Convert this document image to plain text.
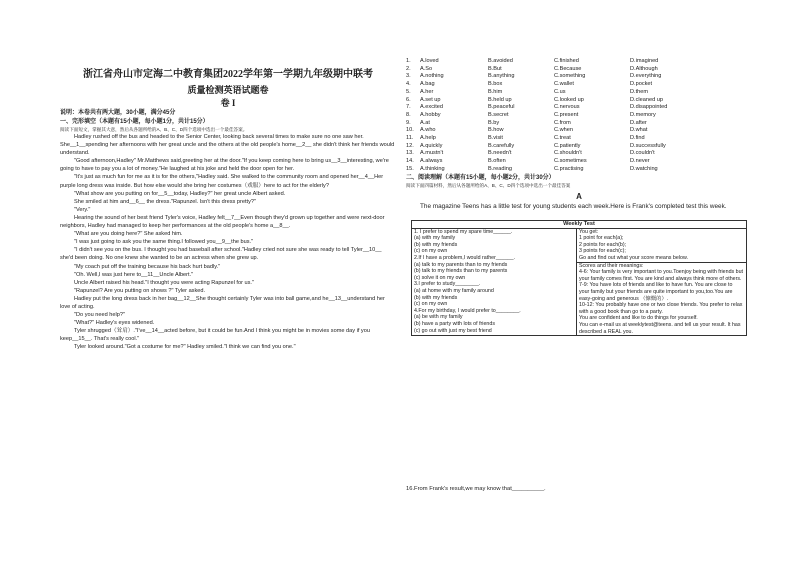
浙江省舟山市定海二中教育集团2022学年第一学期九年级期中联考
质量检测英语试题卷
卷 I
说明：本卷共有两大题，30小题，满分45分
一、完形填空（本题有15小题，每小题1分，共计15分）
阅读下面短文，掌握其大意，然后从各题所给的A、B、C、D四个选项中选出一个最佳答案。

Hadley rushed off the bus and headed to the Senior Center, looking back several times to make sure no one saw her. She__1__spending her afternoons with her great uncle and the others at the old people's home__2__ she didn't think her friends would understand.

"Good afternoon,Hadley" Mr.Matthews said,greeting her at the door."If you keep coming here to bring us__3__interesting, we're going to have to pay you a lot of money."He laughed at his joke and held the door open for her.

"It's just as much fun for me as it is for the others,"Hadley said. She walked to the community room and opened her__4__Her purple long dress was inside. But how else would she bring her costumes（戏服）here to act for the elderly?

"What show are you putting on for__5__today, Hadley?" her great uncle Albert asked.

She smiled at him and__6__ the dress."Rapunzel. Isn't this dress pretty?"

"Very."

Hearing the sound of her best friend Tyler's voice, Hadley felt__7__Even though they'd grown up together and were next-door neighbors, Hadley had managed to keep her performances at the old people's home a__8__.

"What are you doing here?" She asked him.

"I was just going to ask you the same thing.I followed you__9__the bus."

"I didn't see you on the bus. I thought you had baseball after school."Hadley cried not sure she was ready to tell Tyler__10__ she'd been doing. No one knew she wanted to be an actress when she grew up.

"My coach put off the training because his back hurt badly."

"Oh. Well,I was just here to__11__Uncle Albert."

Uncle Albert raised his head."I thought you were acting Rapunzel for us."

"Rapunzel? Are you putting on shows ?" Tyler asked.

Hadley put the long dress back in her bag__12__She thought certainly Tyler was into ball game,and he__13__understand her love of acting.

"Do you need help?"

"What?" Hadley's eyes widened.

Tyler shrugged（耸肩）."I've__14__acted before, but it could be fun.And I think you might be in movies some day if you keep__15__. That's really cool."

Tyler looked around."Got a costume for me?" Hadley smiled."I think we can find you one."

1.	A.loved	B.avoided	C.finished	D.imagined
2.	A.So	B.But	C.Because	D.Although
3.	A.nothing	B.anything	C.something	D.everything
4.	A.bag	B.box	C.wallet	D.pocket
5.	A.her	B.him	C.us	D.them
6.	A.set up	B.held up	C.looked up	D.cleaned up
7.	A.excited	B.peaceful	C.nervous	D.disappointed
8.	A.hobby	B.secret	C.present	D.memory
9.	A.at	B.by	C.from	D.after
10.	A.who	B.how	C.when	D.what
11.	A.help	B.visit	C.treat	D.find
12.	A.quickly	B.carefully	C.patiently	D.successfully
13.	A.mustn't	B.needn't	C.shouldn't	D.couldn't
14.	A.always	B.often	C.sometimes	D.never
15.	A.thinking	B.reading	C.practising	D.watching
二、阅读理解（本题有15小题，每小题2分，共计30分）
阅读下面四篇材料，然后从各题所给的A、B、C、D四个选项中选出一个最佳答案
A
The magazine Teens has a little test for young students each week.Here is Frank's completed test this week.
Weekly Test

1. I prefer to spend my spare time______.
(a) with my family
(b) with my friends
(c) on my own
2.If I have a problem,I would rather______.
(a) talk to my parents than to my friends
(b) talk to my friends than to my parents
(c) solve it on my own
3.I prefer to study________.
(a) at home with my family around
(b) with my friends
(c) on my own
4.For my birthday, I would prefer to________.
(a) be with my family
(b) have a party with lots of friends
(c) go out with just my best friend

You get:
1 point for each(a);
2 points for each(b);
3 points for each(c);
Go and find out what your score means below.

Scores and their meanings:
4-6: Your family is very important to you.Toenjoy being with friends but your family comes first. You are kind and always think more of others.
7-9: You have lots of friends and like to have fun. You are close to your family but your friends are quite important to you,too.You are easy-going and generous （慷慨的）.
10-12: You probably have one or two close friends. You prefer to relax with a good book than go to a party.
You are confident and like to do things for yourself.
You can e-mail us at weeklytest@teens. and tell us your result. It has described a REAL you.
16.From Frank's result,we may know that__________.
